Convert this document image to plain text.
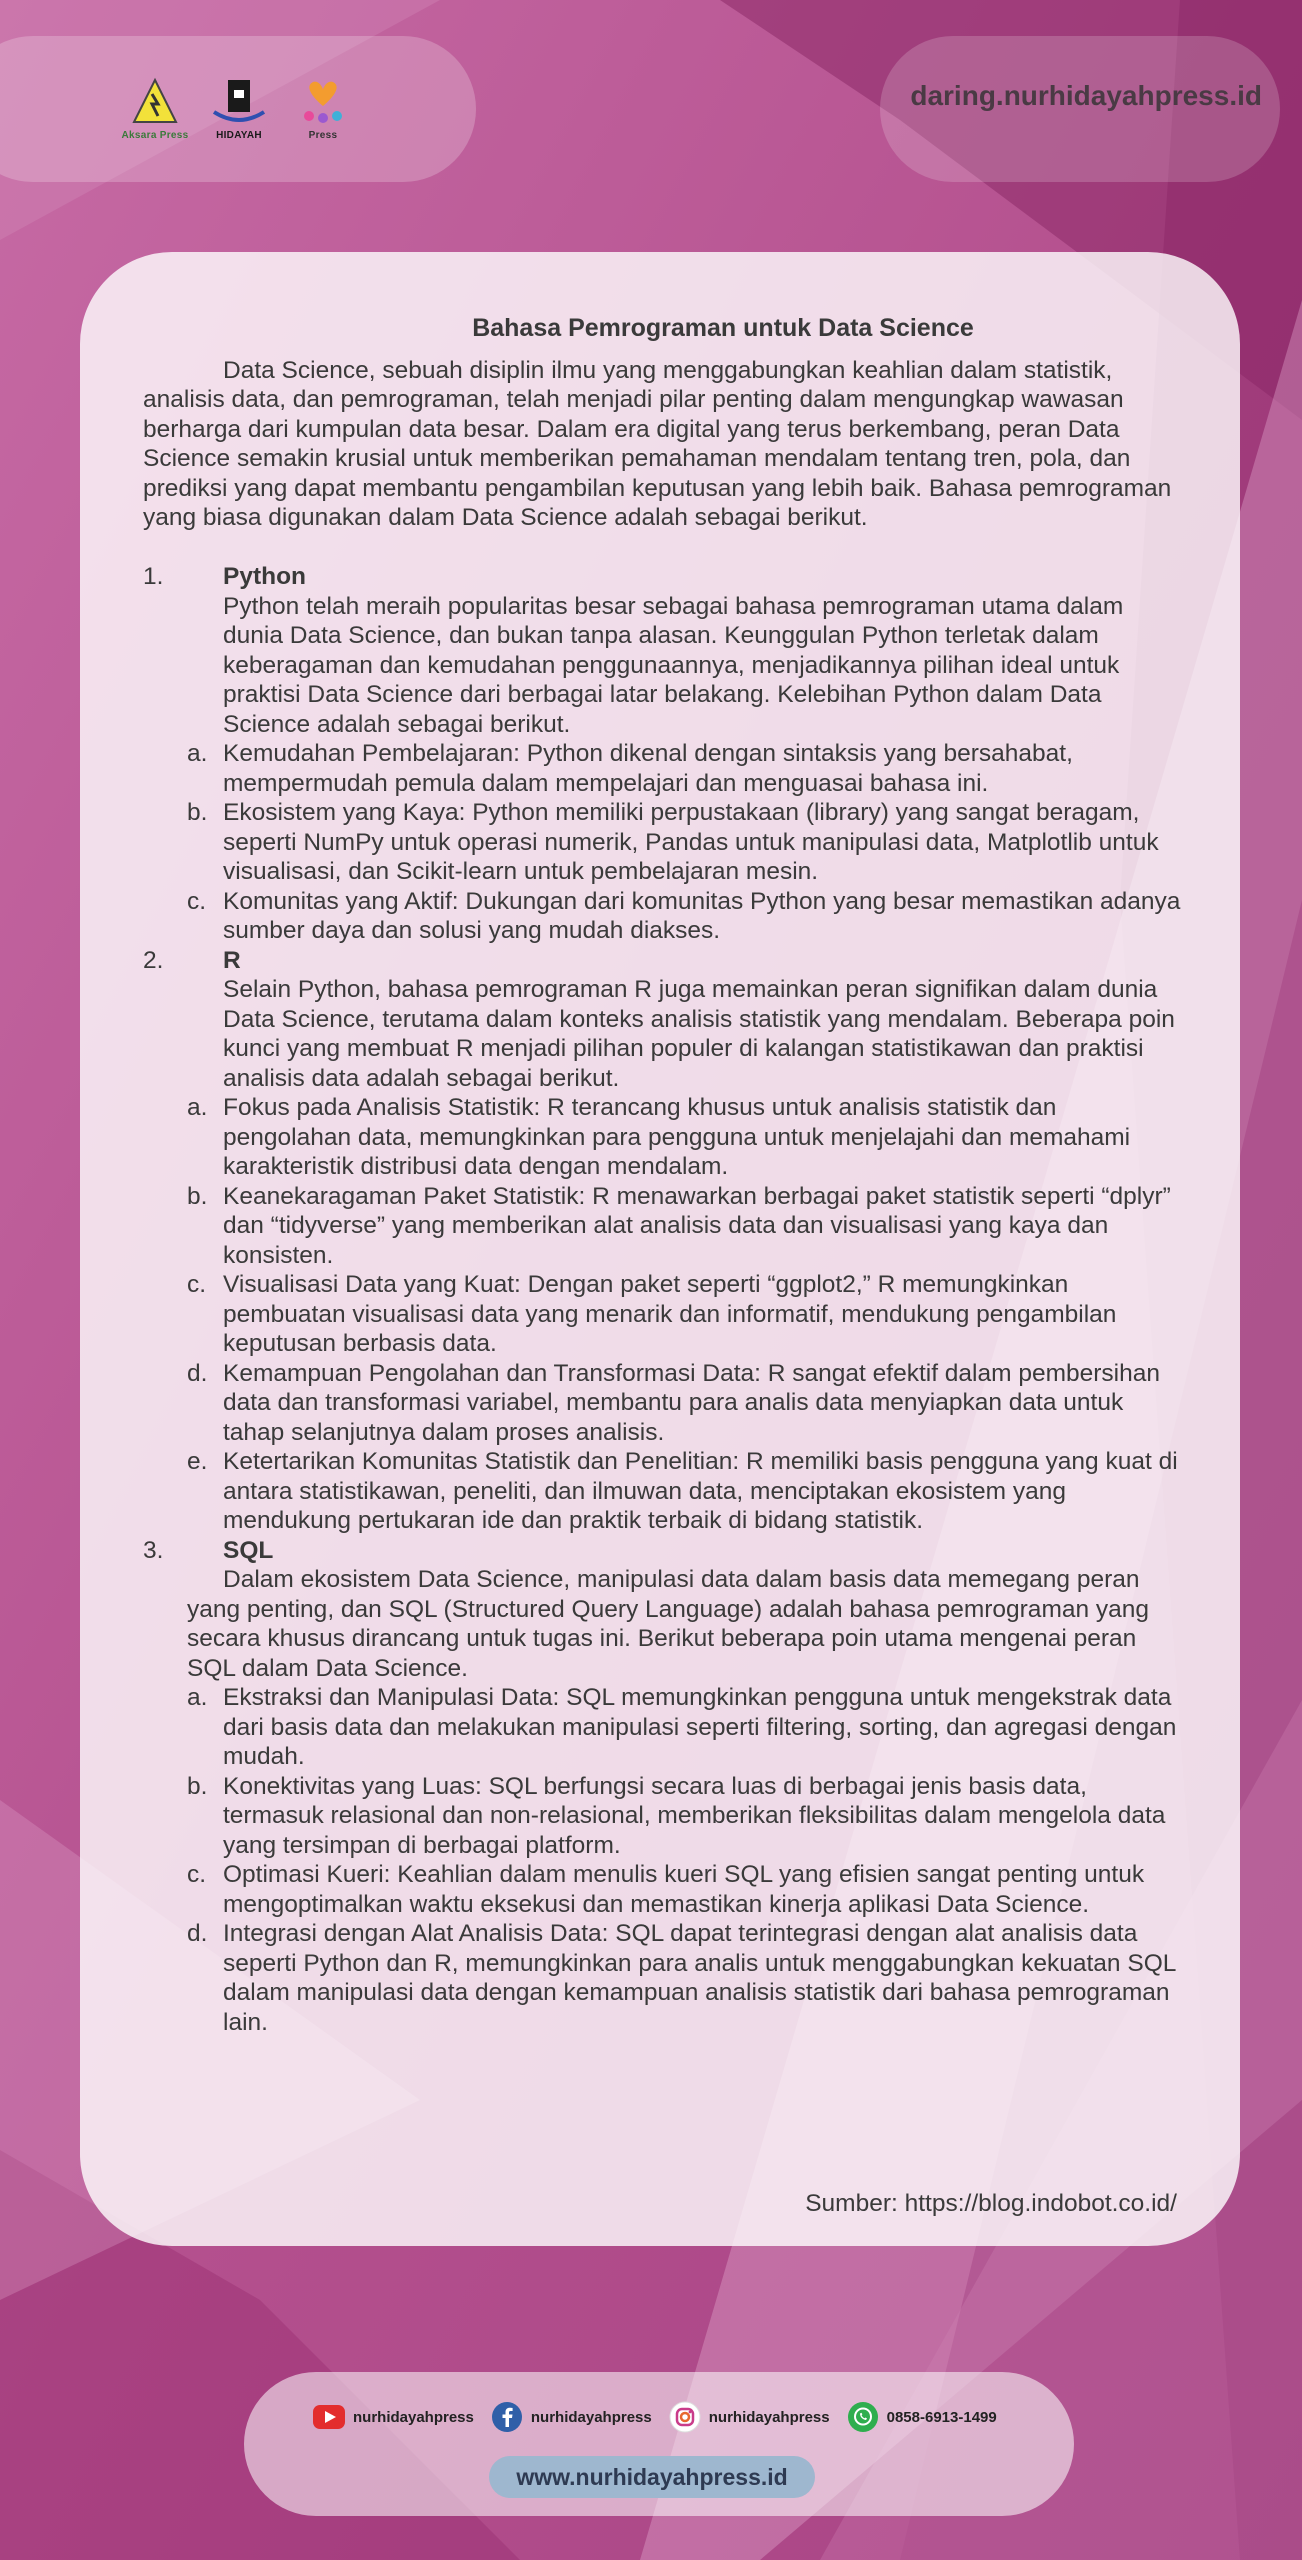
Aksara Press	HIDAYAH	Press
daring.nurhidayahpress.id
Bahasa Pemrograman untuk Data Science

Data Science, sebuah disiplin ilmu yang menggabungkan keahlian dalam statistik, analisis data, dan pemrograman, telah menjadi pilar penting dalam mengungkap wawasan berharga dari kumpulan data besar. Dalam era digital yang terus berkembang, peran Data Science semakin krusial untuk memberikan pemahaman mendalam tentang tren, pola, dan prediksi yang dapat membantu pengambilan keputusan yang lebih baik. Bahasa pemrograman yang biasa digunakan dalam Data Science adalah sebagai berikut.

1. Python
Python telah meraih popularitas besar sebagai bahasa pemrograman utama dalam dunia Data Science, dan bukan tanpa alasan. Keunggulan Python terletak dalam keberagaman dan kemudahan penggunaannya, menjadikannya pilihan ideal untuk praktisi Data Science dari berbagai latar belakang. Kelebihan Python dalam Data Science adalah sebagai berikut.
a. Kemudahan Pembelajaran: Python dikenal dengan sintaksis yang bersahabat, mempermudah pemula dalam mempelajari dan menguasai bahasa ini.
b. Ekosistem yang Kaya: Python memiliki perpustakaan (library) yang sangat beragam, seperti NumPy untuk operasi numerik, Pandas untuk manipulasi data, Matplotlib untuk visualisasi, dan Scikit-learn untuk pembelajaran mesin.
c. Komunitas yang Aktif: Dukungan dari komunitas Python yang besar memastikan adanya sumber daya dan solusi yang mudah diakses.
2. R
Selain Python, bahasa pemrograman R juga memainkan peran signifikan dalam dunia Data Science, terutama dalam konteks analisis statistik yang mendalam. Beberapa poin kunci yang membuat R menjadi pilihan populer di kalangan statistikawan dan praktisi analisis data adalah sebagai berikut.
a. Fokus pada Analisis Statistik: R terancang khusus untuk analisis statistik dan pengolahan data, memungkinkan para pengguna untuk menjelajahi dan memahami karakteristik distribusi data dengan mendalam.
b. Keanekaragaman Paket Statistik: R menawarkan berbagai paket statistik seperti “dplyr” dan “tidyverse” yang memberikan alat analisis data dan visualisasi yang kaya dan konsisten.
c. Visualisasi Data yang Kuat: Dengan paket seperti “ggplot2,” R memungkinkan pembuatan visualisasi data yang menarik dan informatif, mendukung pengambilan keputusan berbasis data.
d. Kemampuan Pengolahan dan Transformasi Data: R sangat efektif dalam pembersihan data dan transformasi variabel, membantu para analis data menyiapkan data untuk tahap selanjutnya dalam proses analisis.
e. Ketertarikan Komunitas Statistik dan Penelitian: R memiliki basis pengguna yang kuat di antara statistikawan, peneliti, dan ilmuwan data, menciptakan ekosistem yang mendukung pertukaran ide dan praktik terbaik di bidang statistik.
3. SQL
Dalam ekosistem Data Science, manipulasi data dalam basis data memegang peran yang penting, dan SQL (Structured Query Language) adalah bahasa pemrograman yang secara khusus dirancang untuk tugas ini. Berikut beberapa poin utama mengenai peran SQL dalam Data Science.
a. Ekstraksi dan Manipulasi Data: SQL memungkinkan pengguna untuk mengekstrak data dari basis data dan melakukan manipulasi seperti filtering, sorting, dan agregasi dengan mudah.
b. Konektivitas yang Luas: SQL berfungsi secara luas di berbagai jenis basis data, termasuk relasional dan non-relasional, memberikan fleksibilitas dalam mengelola data yang tersimpan di berbagai platform.
c. Optimasi Kueri: Keahlian dalam menulis kueri SQL yang efisien sangat penting untuk mengoptimalkan waktu eksekusi dan memastikan kinerja aplikasi Data Science.
d. Integrasi dengan Alat Analisis Data: SQL dapat terintegrasi dengan alat analisis data seperti Python dan R, memungkinkan para analis untuk menggabungkan kekuatan SQL dalam manipulasi data dengan kemampuan analisis statistik dari bahasa pemrograman lain.
Sumber: https://blog.indobot.co.id/
nurhidayahpress	nurhidayahpress	nurhidayahpress	0858-6913-1499
www.nurhidayahpress.id
